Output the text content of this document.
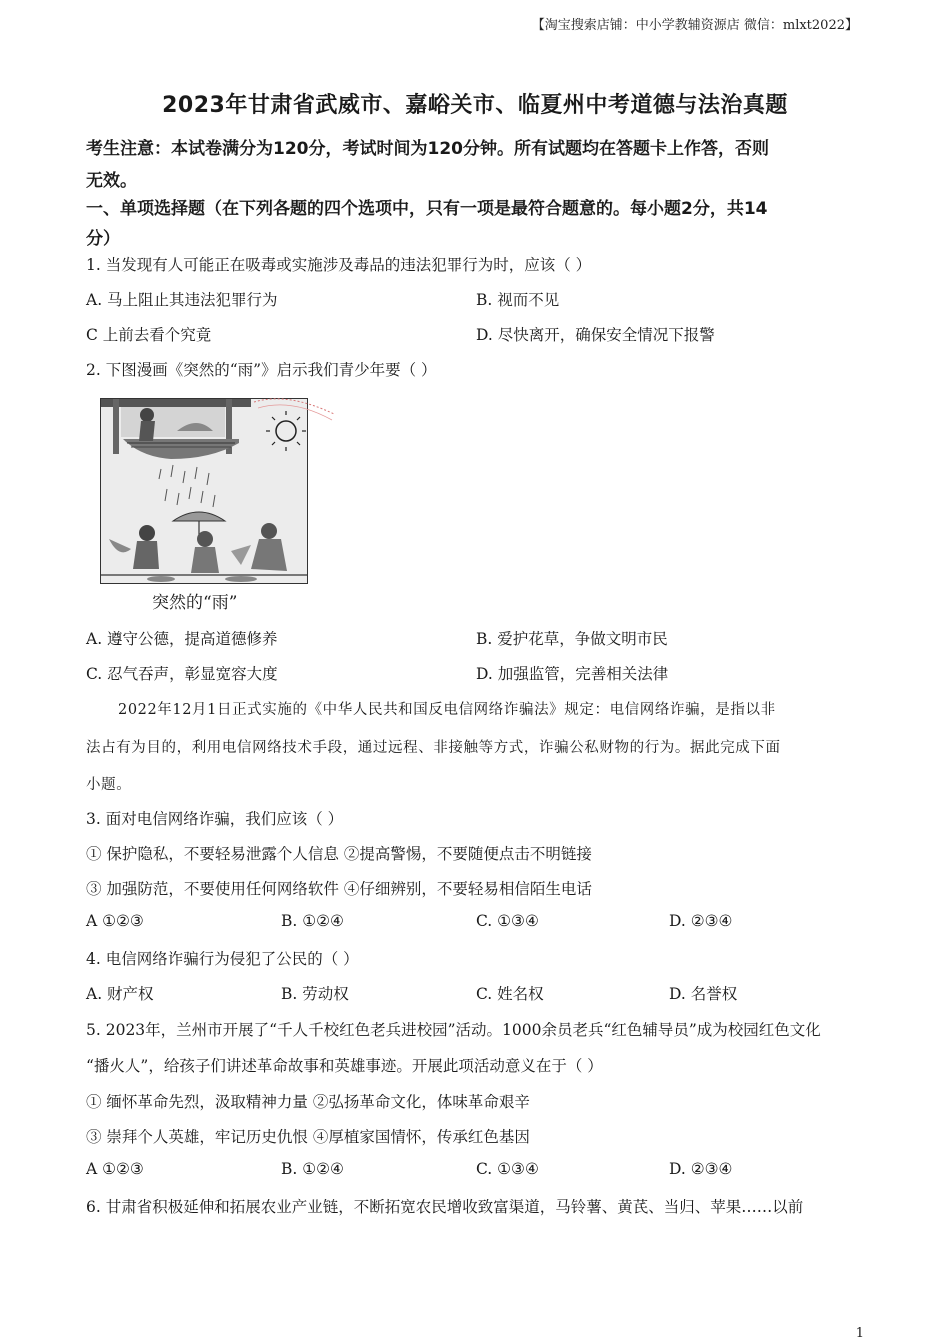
【淘宝搜索店铺：中小学教辅资源店 微信：mlxt2022】
2023年甘肃省武威市、嘉峪关市、临夏州中考道德与法治真题
考生注意：本试卷满分为120分，考试时间为120分钟。所有试题均在答题卡上作答，否则
无效。
一、单项选择题（在下列各题的四个选项中，只有一项是最符合题意的。每小题2分，共14
分）
1. 当发现有人可能正在吸毒或实施涉及毒品的违法犯罪行为时，应该（ ）
A. 马上阻止其违法犯罪行为	B. 视而不见
C 上前去看个究竟	D. 尽快离开，确保安全情况下报警
2. 下图漫画《突然的“雨”》启示我们青少年要（ ）
突然的“雨”
A. 遵守公德，提高道德修养	B. 爱护花草，争做文明市民
C. 忍气吞声，彰显宽容大度	D. 加强监管，完善相关法律
2022年12月1日正式实施的《中华人民共和国反电信网络诈骗法》规定：电信网络诈骗，是指以非
法占有为目的，利用电信网络技术手段，通过远程、非接触等方式，诈骗公私财物的行为。据此完成下面
小题。
3. 面对电信网络诈骗，我们应该（ ）
① 保护隐私，不要轻易泄露个人信息 ②提高警惕，不要随便点击不明链接
③ 加强防范，不要使用任何网络软件 ④仔细辨别，不要轻易相信陌生电话
A ①②③	B. ①②④	C. ①③④	D. ②③④
4. 电信网络诈骗行为侵犯了公民的（ ）
A. 财产权	B. 劳动权	C. 姓名权	D. 名誉权
5. 2023年，兰州市开展了“千人千校红色老兵进校园”活动。1000余员老兵“红色辅导员”成为校园红色文化
“播火人”，给孩子们讲述革命故事和英雄事迹。开展此项活动意义在于（ ）
① 缅怀革命先烈，汲取精神力量 ②弘扬革命文化，体味革命艰辛
③ 崇拜个人英雄，牢记历史仇恨 ④厚植家国情怀，传承红色基因
A ①②③	B. ①②④	C. ①③④	D. ②③④
6. 甘肃省积极延伸和拓展农业产业链，不断拓宽农民增收致富渠道，马铃薯、黄芪、当归、苹果……以前
1
